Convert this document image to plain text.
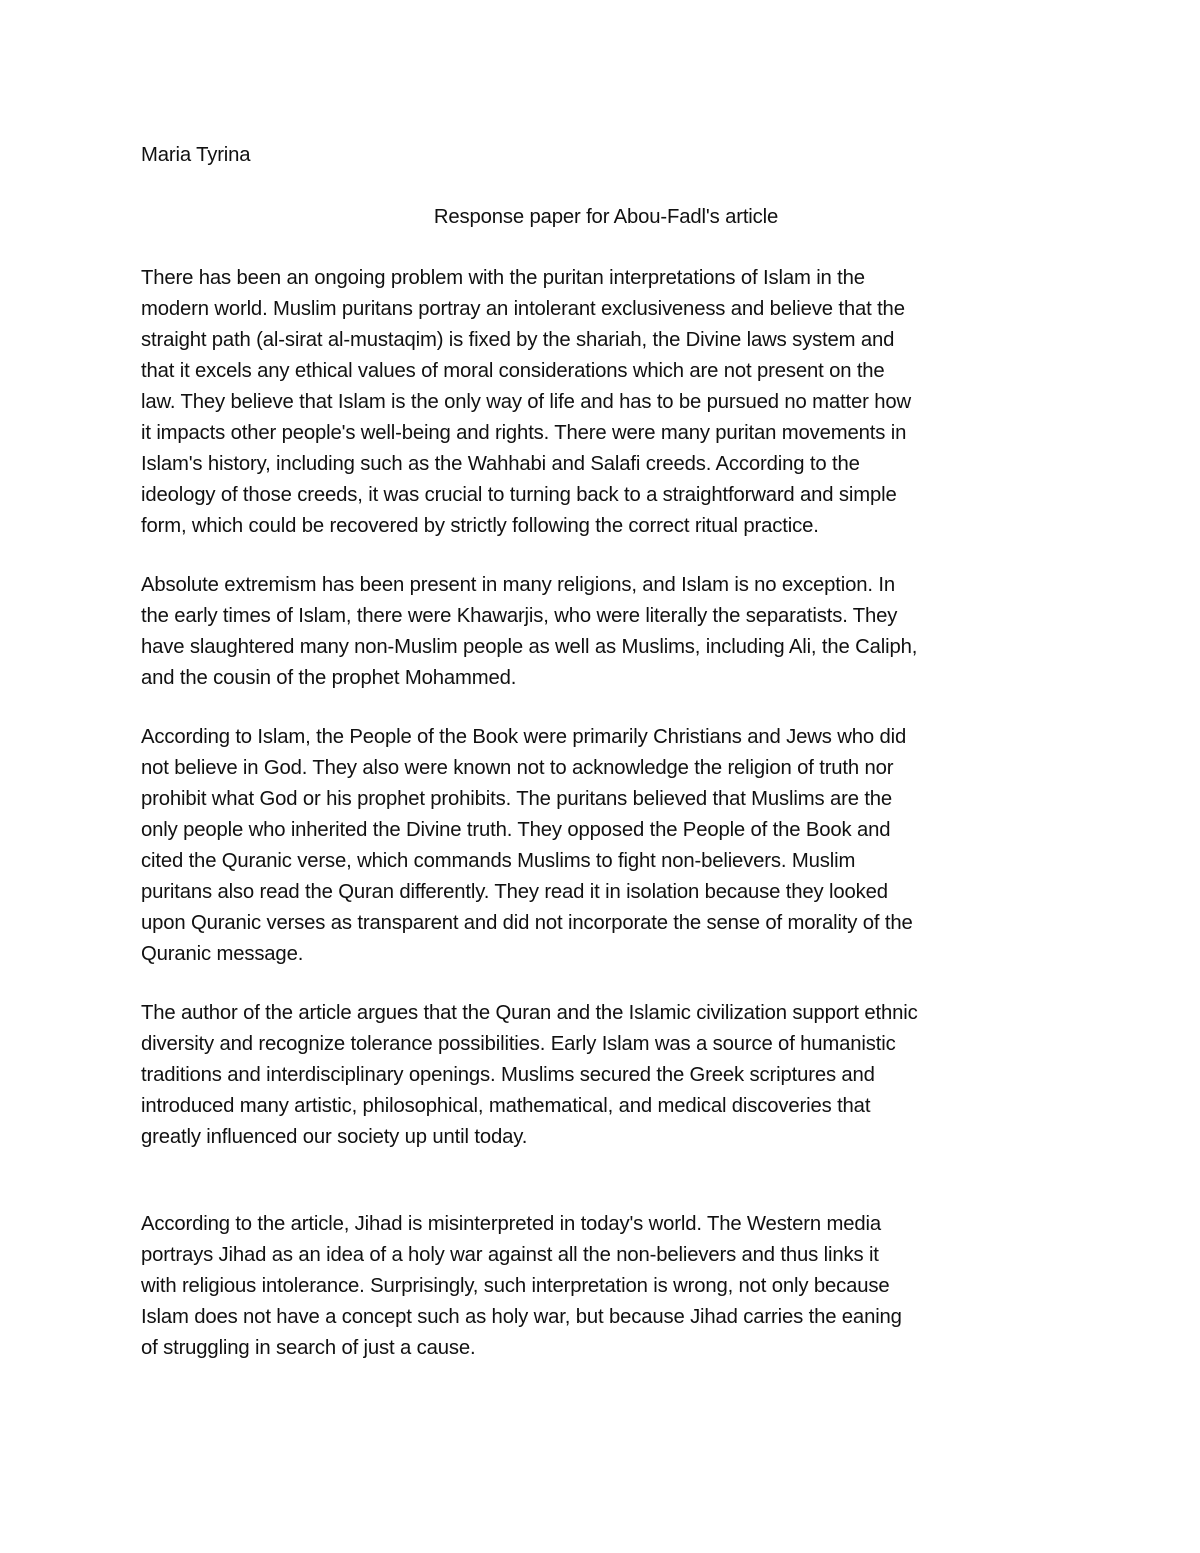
Maria Tyrina

Response paper for Abou-Fadl's article

There has been an ongoing problem with the puritan interpretations of Islam in the
modern world. Muslim puritans portray an intolerant exclusiveness and believe that the
straight path (al-sirat al-mustaqim) is fixed by the shariah, the Divine laws system and
that it excels any ethical values of moral considerations which are not present on the
law. They believe that Islam is the only way of life and has to be pursued no matter how
it impacts other people's well-being and rights. There were many puritan movements in
Islam's history, including such as the Wahhabi and Salafi creeds. According to the
ideology of those creeds, it was crucial to turning back to a straightforward and simple
form, which could be recovered by strictly following the correct ritual practice.

Absolute extremism has been present in many religions, and Islam is no exception. In
the early times of Islam, there were Khawarjis, who were literally the separatists. They
have slaughtered many non-Muslim people as well as Muslims, including Ali, the Caliph,
and the cousin of the prophet Mohammed.

According to Islam, the People of the Book were primarily Christians and Jews who did
not believe in God. They also were known not to acknowledge the religion of truth nor
prohibit what God or his prophet prohibits. The puritans believed that Muslims are the
only people who inherited the Divine truth. They opposed the People of the Book and
cited the Quranic verse, which commands Muslims to fight non-believers. Muslim
puritans also read the Quran differently. They read it in isolation because they looked
upon Quranic verses as transparent and did not incorporate the sense of morality of the
Quranic message.

The author of the article argues that the Quran and the Islamic civilization support ethnic
diversity and recognize tolerance possibilities. Early Islam was a source of humanistic
traditions and interdisciplinary openings. Muslims secured the Greek scriptures and
introduced many artistic, philosophical, mathematical, and medical discoveries that
greatly influenced our society up until today.

According to the article, Jihad is misinterpreted in today's world. The Western media
portrays Jihad as an idea of a holy war against all the non-believers and thus links it
with religious intolerance. Surprisingly, such interpretation is wrong, not only because
Islam does not have a concept such as holy war, but because Jihad carries the eaning
of struggling in search of just a cause.
